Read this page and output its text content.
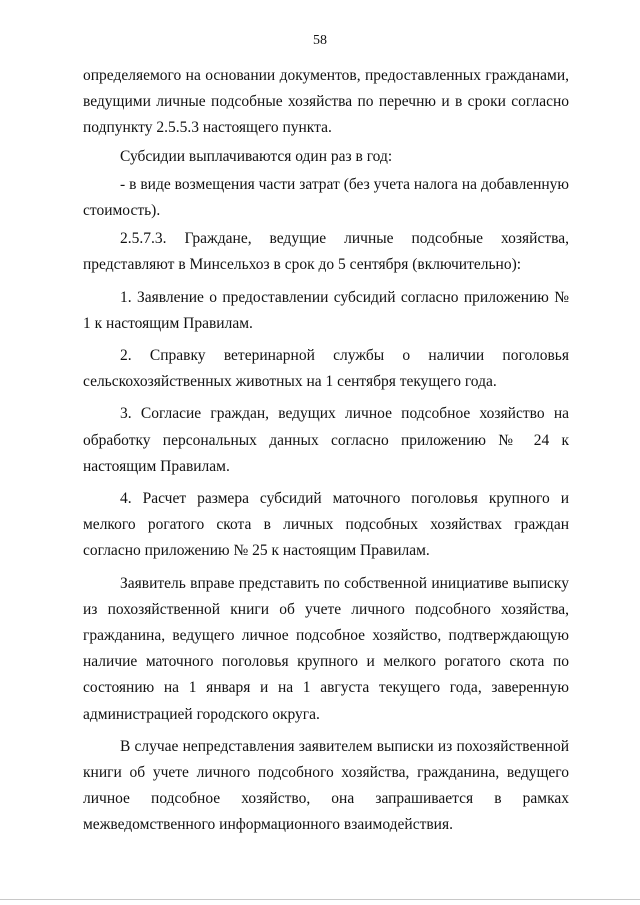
58

определяемого на основании документов, предоставленных гражданами, ведущими личные подсобные хозяйства по перечню и в сроки согласно подпункту 2.5.5.3 настоящего пункта.

Субсидии выплачиваются один раз в год:

- в виде возмещения части затрат (без учета налога на добавленную стоимость).

2.5.7.3. Граждане, ведущие личные подсобные хозяйства, представляют в Минсельхоз в срок до 5 сентября (включительно):

1. Заявление о предоставлении субсидий согласно приложению № 1 к настоящим Правилам.

2. Справку ветеринарной службы о наличии поголовья сельскохозяйственных животных на 1 сентября текущего года.

3. Согласие граждан, ведущих личное подсобное хозяйство на обработку персональных данных согласно приложению № 24 к настоящим Правилам.

4. Расчет размера субсидий маточного поголовья крупного и мелкого рогатого скота в личных подсобных хозяйствах граждан согласно приложению № 25 к настоящим Правилам.

Заявитель вправе представить по собственной инициативе выписку из похозяйственной книги об учете личного подсобного хозяйства, гражданина, ведущего личное подсобное хозяйство, подтверждающую наличие маточного поголовья крупного и мелкого рогатого скота по состоянию на 1 января и на 1 августа текущего года, заверенную администрацией городского округа.

В случае непредставления заявителем выписки из похозяйственной книги об учете личного подсобного хозяйства, гражданина, ведущего личное подсобное хозяйство, она запрашивается в рамках межведомственного информационного взаимодействия.
